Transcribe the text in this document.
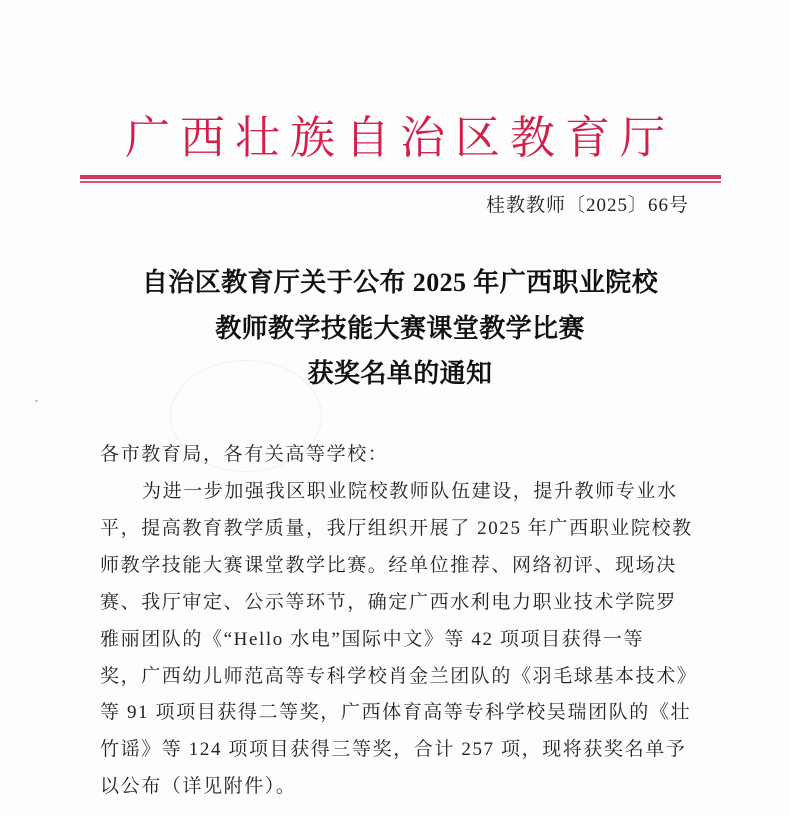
广西壮族自治区教育厅
桂教教师〔2025〕66号
自治区教育厅关于公布 2025 年广西职业院校
教师教学技能大赛课堂教学比赛
获奖名单的通知
各市教育局，各有关高等学校：
为进一步加强我区职业院校教师队伍建设，提升教师专业水
平，提高教育教学质量，我厅组织开展了 2025 年广西职业院校教
师教学技能大赛课堂教学比赛。经单位推荐、网络初评、现场决
赛、我厅审定、公示等环节，确定广西水利电力职业技术学院罗
雅丽团队的《“Hello 水电”国际中文》等 42 项项目获得一等
奖，广西幼儿师范高等专科学校肖金兰团队的《羽毛球基本技术》
等 91 项项目获得二等奖，广西体育高等专科学校吴瑞团队的《壮
竹谣》等 124 项项目获得三等奖，合计 257 项，现将获奖名单予
以公布（详见附件）。
